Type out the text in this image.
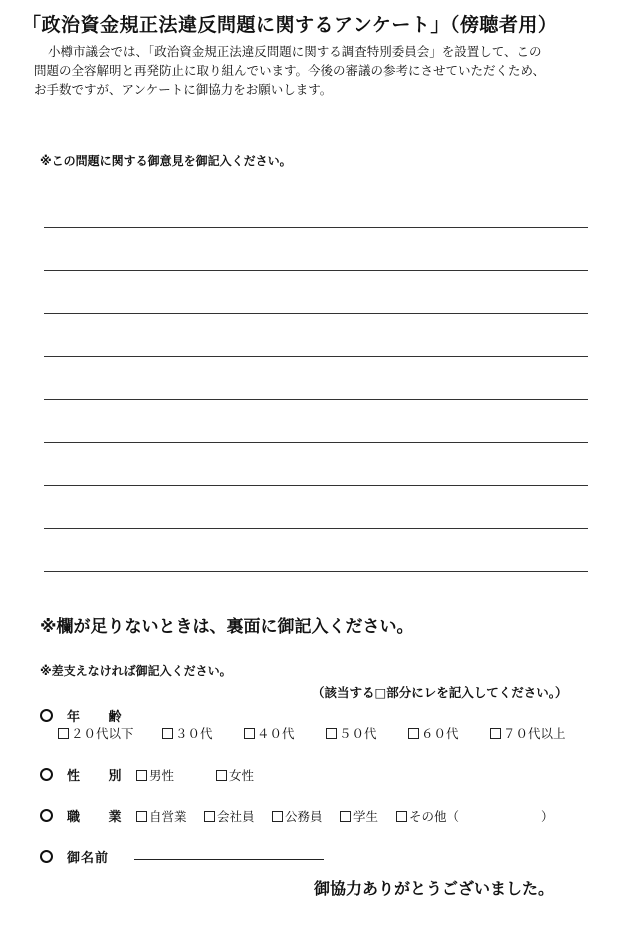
「政治資金規正法違反問題に関するアンケート」（傍聴者用）

小樽市議会では、「政治資金規正法違反問題に関する調査特別委員会」を設置して、この

問題の全容解明と再発防止に取り組んでいます。今後の審議の参考にさせていただくため、

お手数ですが、アンケートに御協力をお願いします。

※この問題に関する御意見を御記入ください。
※欄が足りないときは、裏面に御記入ください。
※差支えなければ御記入ください。
（該当する□部分にレを記入してください。）
年 齢
２０代以下	３０代	４０代	５０代	６０代	７０代以上
性 別 男性	女性
職 業 自営業 会社員 公務員 学生 その他（	）
御名前
御協力ありがとうございました。
